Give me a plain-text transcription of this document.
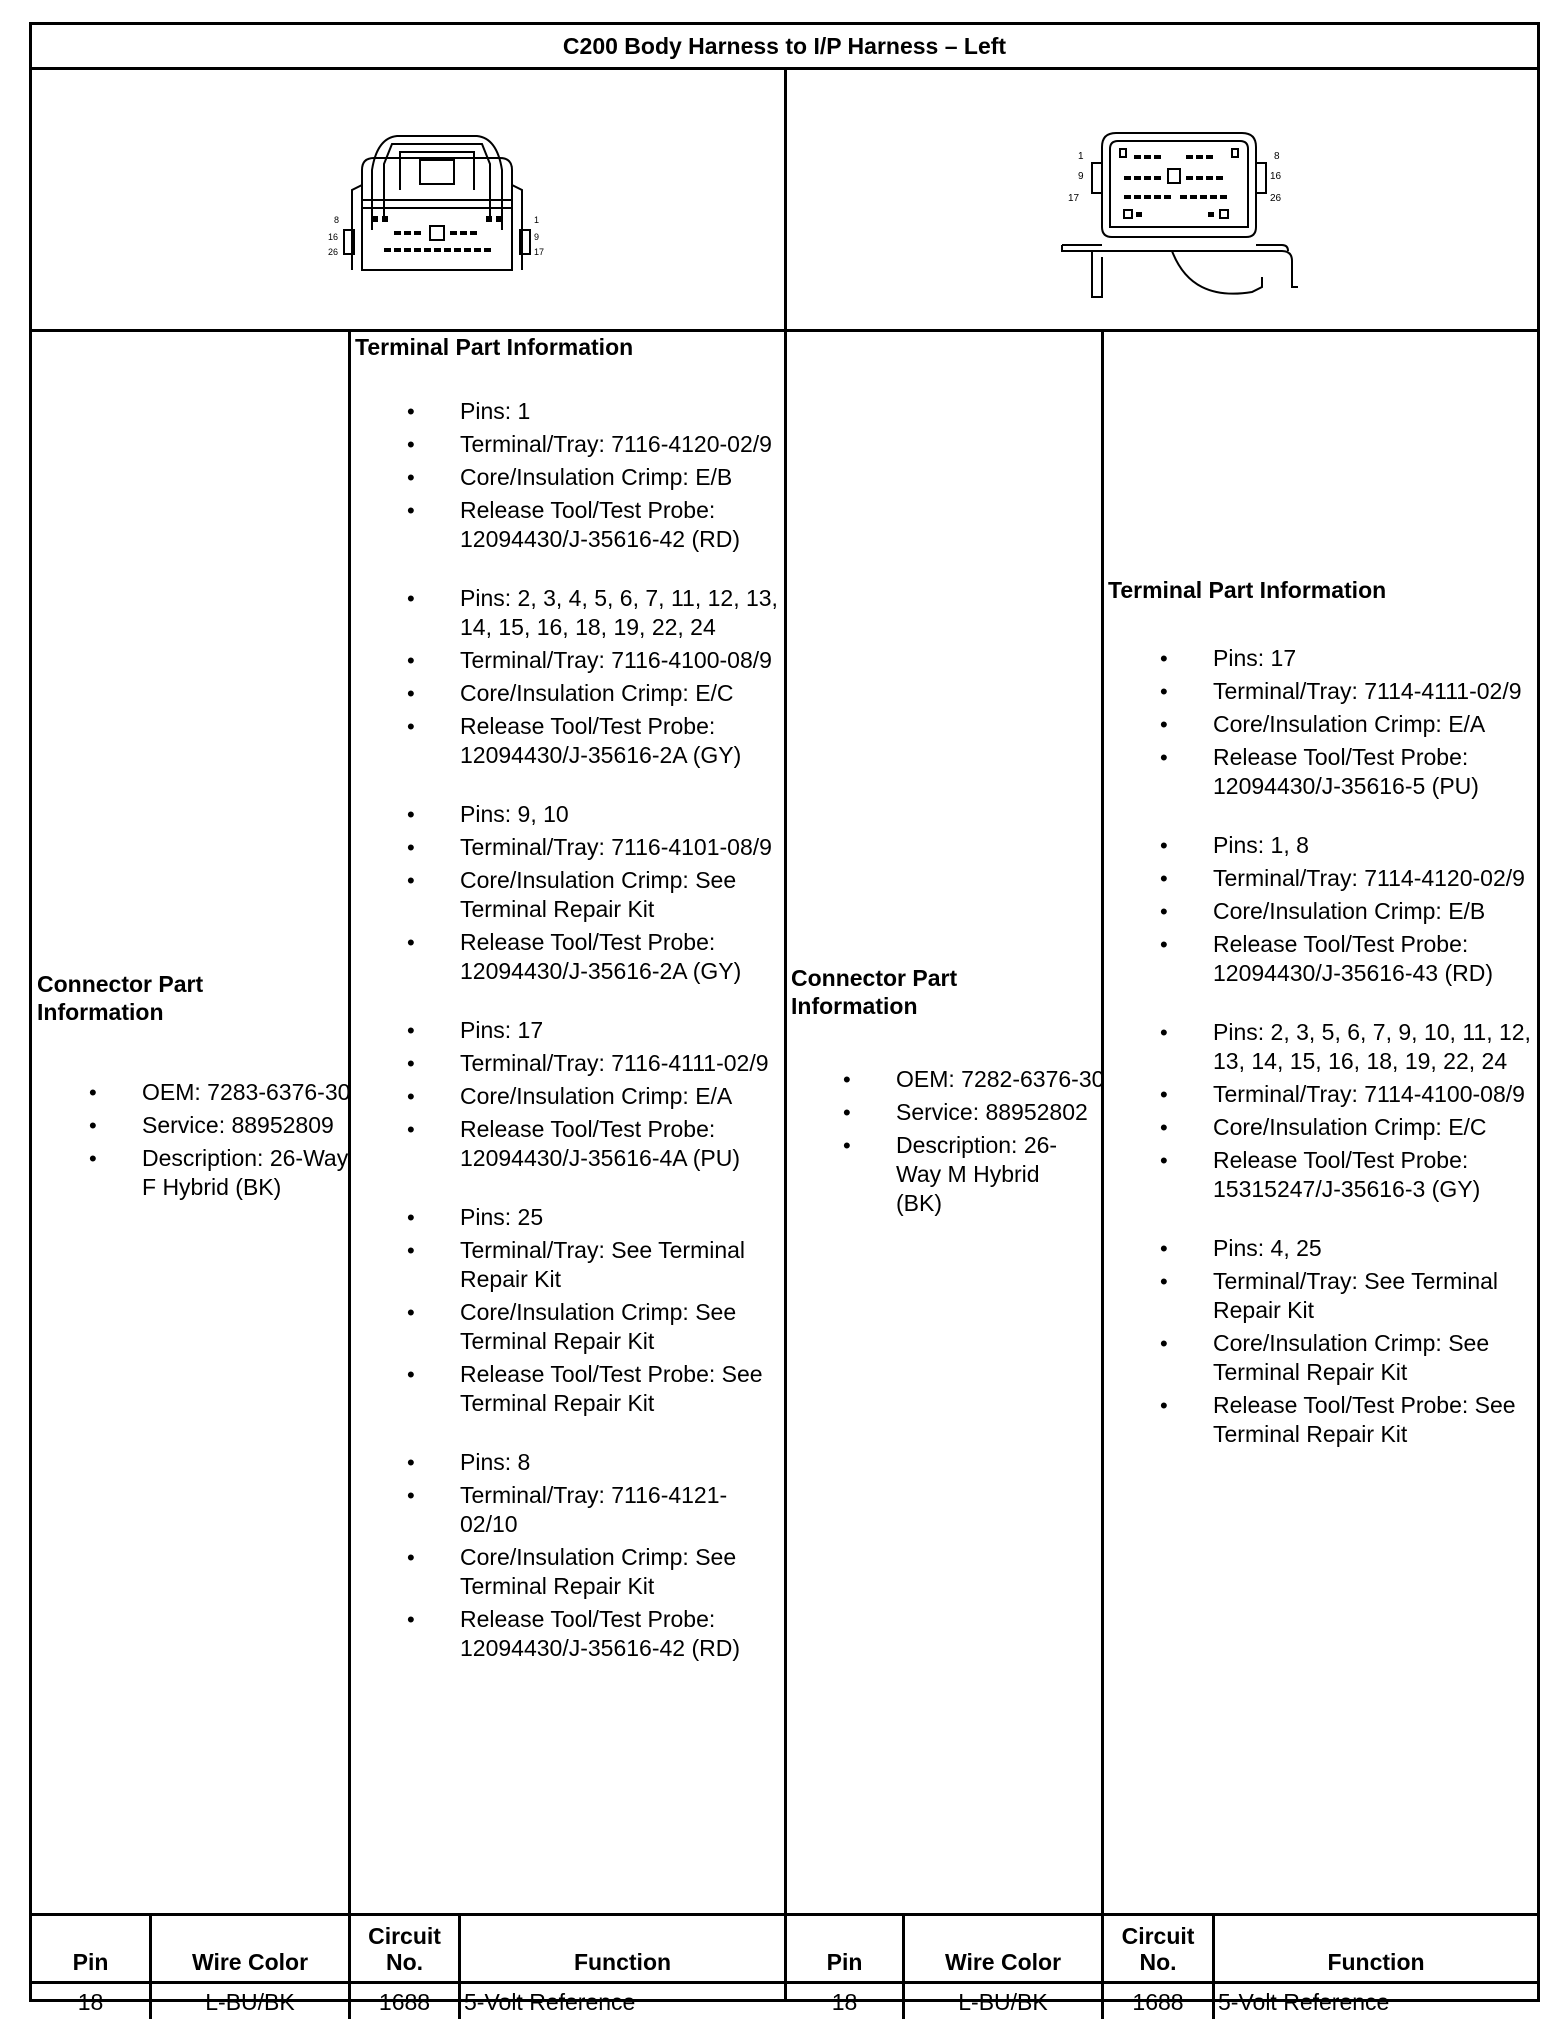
C200 Body Harness to I/P Harness – Left
8	1
16	9
26	17
1	8
9	16
17	26
Connector Part Information
• OEM: 7283-6376-30
• Service: 88952809
• Description: 26-Way F Hybrid (BK)
Terminal Part Information
• Pins: 1
• Terminal/Tray: 7116-4120-02/9
• Core/Insulation Crimp: E/B
• Release Tool/Test Probe: 12094430/J-35616-42 (RD)
• Pins: 2, 3, 4, 5, 6, 7, 11, 12, 13, 14, 15, 16, 18, 19, 22, 24
• Terminal/Tray: 7116-4100-08/9
• Core/Insulation Crimp: E/C
• Release Tool/Test Probe: 12094430/J-35616-2A (GY)
• Pins: 9, 10
• Terminal/Tray: 7116-4101-08/9
• Core/Insulation Crimp: See Terminal Repair Kit
• Release Tool/Test Probe: 12094430/J-35616-2A (GY)
• Pins: 17
• Terminal/Tray: 7116-4111-02/9
• Core/Insulation Crimp: E/A
• Release Tool/Test Probe: 12094430/J-35616-4A (PU)
• Pins: 25
• Terminal/Tray: See Terminal Repair Kit
• Core/Insulation Crimp: See Terminal Repair Kit
• Release Tool/Test Probe: See Terminal Repair Kit
• Pins: 8
• Terminal/Tray: 7116-4121-02/10
• Core/Insulation Crimp: See Terminal Repair Kit
• Release Tool/Test Probe: 12094430/J-35616-42 (RD)
Connector Part Information
• OEM: 7282-6376-30
• Service: 88952802
• Description: 26-Way M Hybrid (BK)
Terminal Part Information
• Pins: 17
• Terminal/Tray: 7114-4111-02/9
• Core/Insulation Crimp: E/A
• Release Tool/Test Probe: 12094430/J-35616-5 (PU)
• Pins: 1, 8
• Terminal/Tray: 7114-4120-02/9
• Core/Insulation Crimp: E/B
• Release Tool/Test Probe: 12094430/J-35616-43 (RD)
• Pins: 2, 3, 5, 6, 7, 9, 10, 11, 12, 13, 14, 15, 16, 18, 19, 22, 24
• Terminal/Tray: 7114-4100-08/9
• Core/Insulation Crimp: E/C
• Release Tool/Test Probe: 15315247/J-35616-3 (GY)
• Pins: 4, 25
• Terminal/Tray: See Terminal Repair Kit
• Core/Insulation Crimp: See Terminal Repair Kit
• Release Tool/Test Probe: See Terminal Repair Kit
Pin	Wire Color
Circuit
No.	Function	Pin	Wire Color
Circuit
No.	Function
18	L-BU/BK	1688	5-Volt Reference	18	L-BU/BK	1688	5-Volt Reference
